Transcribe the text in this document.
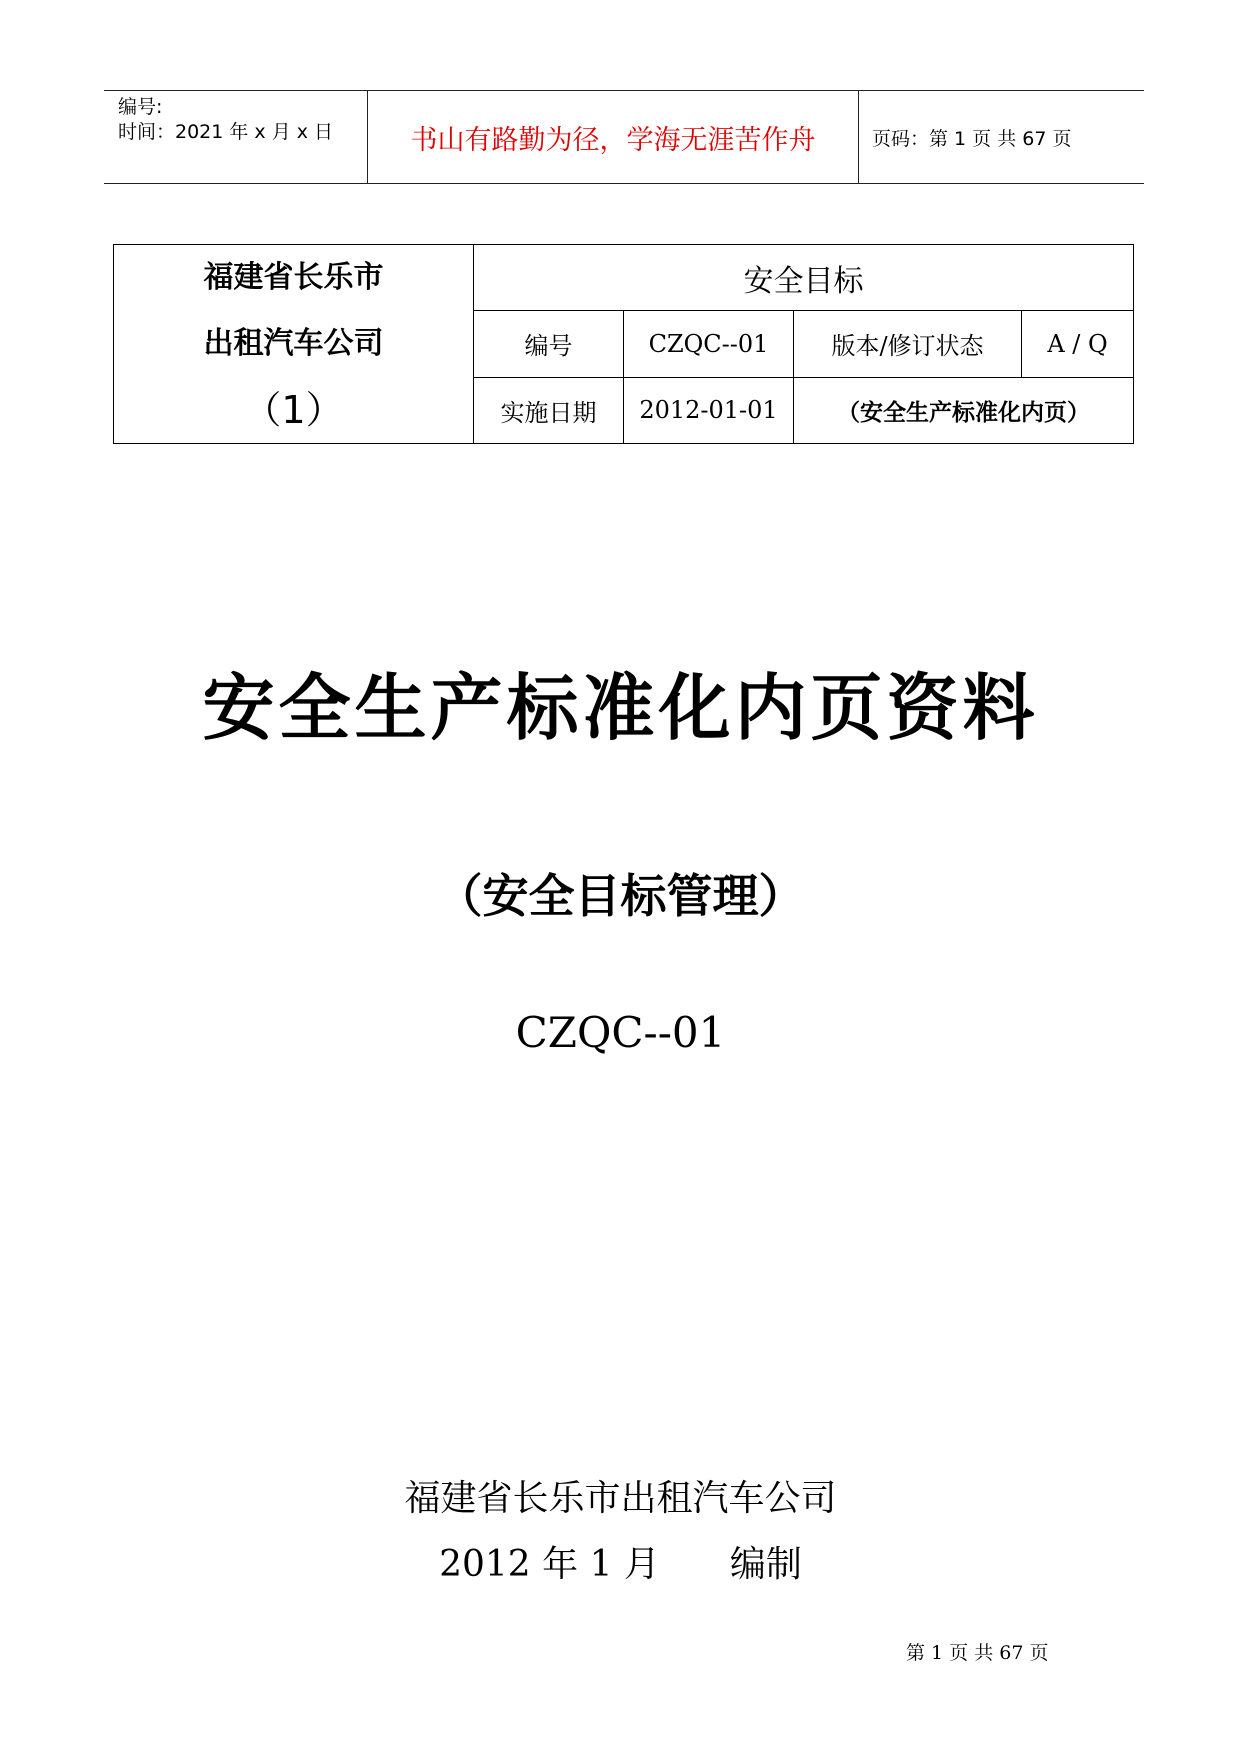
编号:
时间：2021 年 x 月 x 日	书山有路勤为径，学海无涯苦作舟	页码：第 1 页 共 67 页
福建省长乐市
出租汽车公司
（1）	安全目标			
	编号	CZQC--01	版本/修订状态	A / Q
	实施日期	2012-01-01	（安全生产标准化内页）	
安全生产标准化内页资料
（安全目标管理）
CZQC--01
福建省长乐市出租汽车公司
2012 年 1 月 编制
第 1 页 共 67 页
